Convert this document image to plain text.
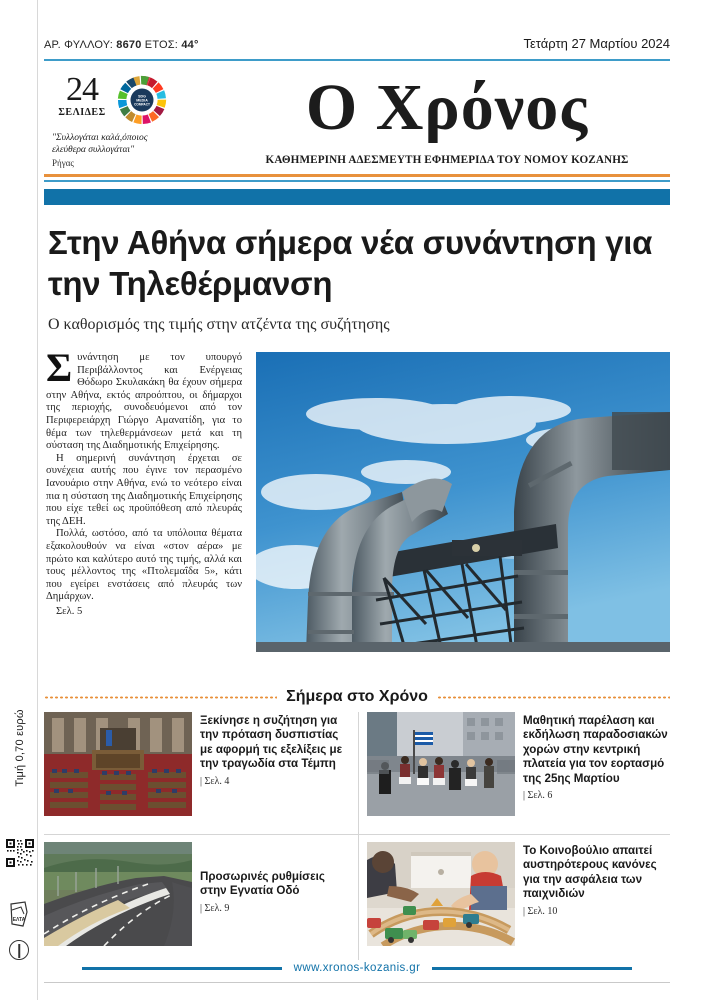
Τιμή 0,70 ευρώ
ΕΛΤΑ
ΑΡ. ΦΥΛΛΟΥ: 8670 ΕΤΟΣ: 44°	Τετάρτη 27 Μαρτίου 2024
24
ΣΕΛΙΔΕΣ
SDG
MEDIA
COMPACT
"Συλλογάται καλά,όποιος ελεύθερα συλλογάται"
Ρήγας
Ο Χρόνος
ΚΑΘΗΜΕΡΙΝΗ ΑΔΕΣΜΕΥΤΗ ΕΦΗΜΕΡΙΔΑ ΤΟΥ ΝΟΜΟΥ ΚΟΖΑΝΗΣ
Στην Αθήνα σήμερα νέα συνάντηση για την Τηλεθέρμανση
Ο καθορισμός της τιμής στην ατζέντα της συζήτησης

Συνάντηση με τον υπουργό Περιβάλλοντος και Ενέργειας Θόδωρο Σκυλακάκη θα έχουν σήμερα στην Αθήνα, εκτός απροόπτου, οι δήμαρχοι της περιοχής, συνοδευόμενοι από τον Περιφερειάρχη Γιώργο Αμανατίδη, για το θέμα των τηλεθερμάνσεων μετά και τη σύσταση της Διαδημοτικής Επιχείρησης.

Η σημερινή συνάντηση έρχεται σε συνέχεια αυτής που έγινε τον περασμένο Ιανουάριο στην Αθήνα, ενώ το νεότερο είναι πια η σύσταση της Διαδημοτικής Επιχείρησης που είχε τεθεί ως προϋπόθεση από πλευράς της ΔΕΗ.

Πολλά, ωστόσο, από τα υπόλοιπα θέματα εξακολουθούν να είναι «στον αέρα» με πρώτο και καλύτερο αυτό της τιμής, αλλά και τους μέλλοντος της «Πτολεμαΐδα 5», κάτι που εγείρει ενστάσεις από πλευράς των Δημάρχων.

Σελ. 5

Σήμερα στο Χρόνο
Ξεκίνησε η συζήτηση για την πρόταση δυσπιστίας με αφορμή τις εξελίξεις με την τραγωδία στα Τέμπη
| Σελ. 4
Μαθητική παρέλαση και εκδήλωση παραδοσιακών χορών στην κεντρική πλατεία για τον εορτασμό της 25ης Μαρτίου
| Σελ. 6
Προσωρινές ρυθμίσεις στην Εγνατία Οδό
| Σελ. 9
Το Κοινοβούλιο απαιτεί αυστηρότερους κανόνες για την ασφάλεια των παιχνιδιών
| Σελ. 10
www.xronos-kozanis.gr
